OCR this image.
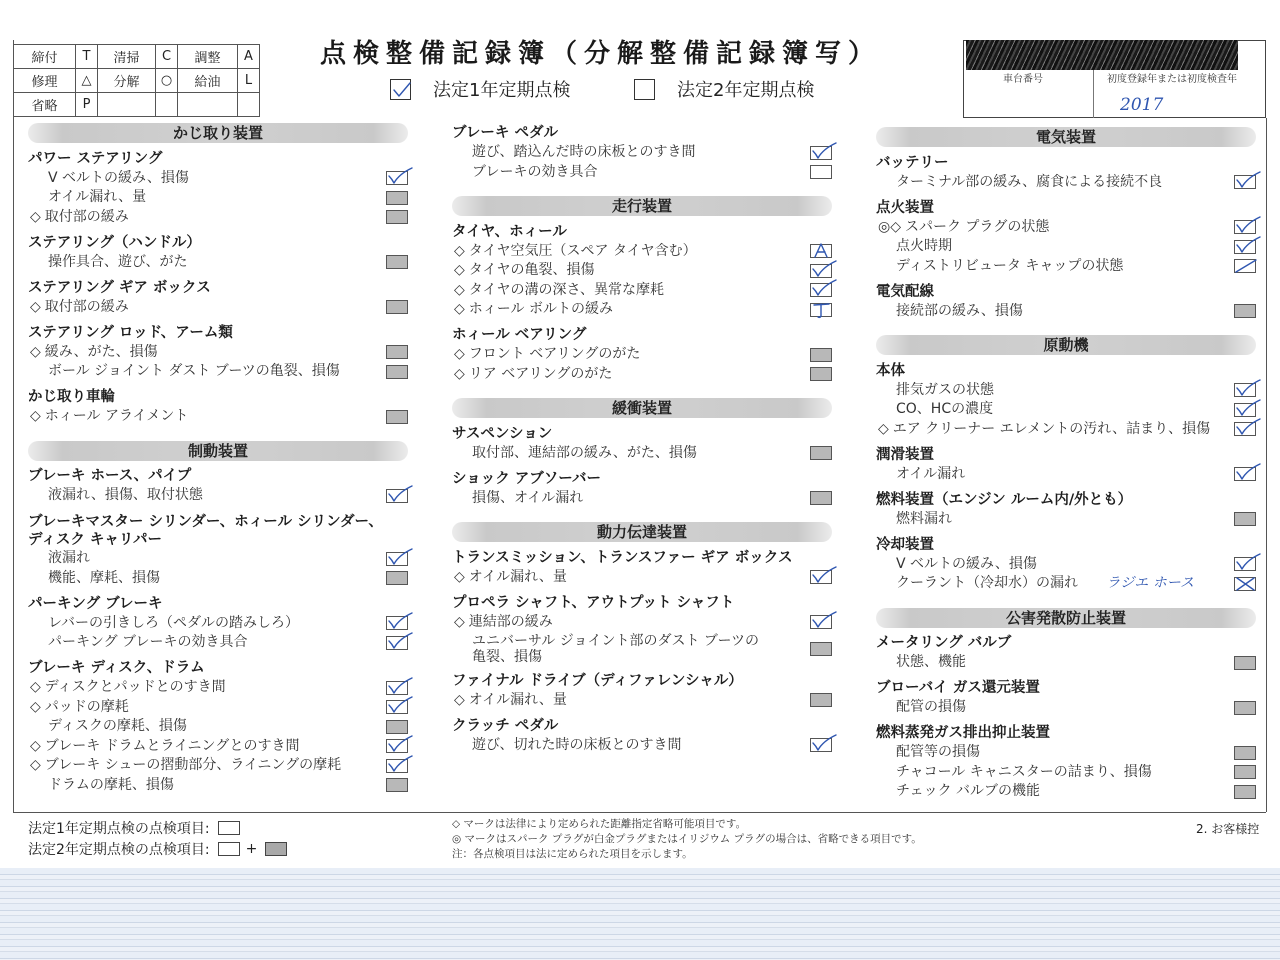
締付	T	清掃	C	調整	A
修理	△	分解	○	給油	L
省略	P				
点検整備記録簿（分解整備記録簿写）
法定1年定期点検	法定2年定期点検
車台番号	初度登録年または初度検査年
2017
かじ取り装置
パワー ステアリング
V ベルトの緩み、損傷
オイル漏れ、量
◇ 取付部の緩み
ステアリング（ハンドル）
操作具合、遊び、がた
ステアリング ギア ボックス
◇ 取付部の緩み
ステアリング ロッド、アーム類
◇ 緩み、がた、損傷
ボール ジョイント ダスト ブーツの亀裂、損傷
かじ取り車輪
◇ ホィール アライメント
制動装置
ブレーキ ホース、パイプ
液漏れ、損傷、取付状態
ブレーキマスター シリンダー、ホィール シリンダー、
ディスク キャリパー
液漏れ
機能、摩耗、損傷
パーキング ブレーキ
レバーの引きしろ（ペダルの踏みしろ）
パーキング ブレーキの効き具合
ブレーキ ディスク、ドラム
◇ ディスクとパッドとのすき間
◇ パッドの摩耗
ディスクの摩耗、損傷
◇ ブレーキ ドラムとライニングとのすき間
◇ ブレーキ シューの摺動部分、ライニングの摩耗
ドラムの摩耗、損傷
ブレーキ ペダル
遊び、踏込んだ時の床板とのすき間
ブレーキの効き具合
走行装置
タイヤ、ホィール
◇ タイヤ空気圧（スペア タイヤ含む）
◇ タイヤの亀裂、損傷
◇ タイヤの溝の深さ、異常な摩耗
◇ ホィール ボルトの緩み
ホィール ベアリング
◇ フロント ベアリングのがた
◇ リア ベアリングのがた
緩衝装置
サスペンション
取付部、連結部の緩み、がた、損傷
ショック アブソーバー
損傷、オイル漏れ
動力伝達装置
トランスミッション、トランスファー ギア ボックス
◇ オイル漏れ、量
プロペラ シャフト、アウトプット シャフト
◇ 連結部の緩み
ユニバーサル ジョイント部のダスト ブーツの
亀裂、損傷
ファイナル ドライブ（ディファレンシャル）
◇ オイル漏れ、量
クラッチ ペダル
遊び、切れた時の床板とのすき間
電気装置
バッテリー
ターミナル部の緩み、腐食による接続不良
点火装置
◎◇ スパーク プラグの状態
点火時期
ディストリビュータ キャップの状態
電気配線
接続部の緩み、損傷
原動機
本体
排気ガスの状態
CO、HCの濃度
◇ エア クリーナー エレメントの汚れ、詰まり、損傷
潤滑装置
オイル漏れ
燃料装置（エンジン ルーム内/外とも）
燃料漏れ
冷却装置
V ベルトの緩み、損傷
クーラント（冷却水）の漏れ ラジエ ホース
公害発散防止装置
メータリング バルブ
状態、機能
ブローバイ ガス還元装置
配管の損傷
燃料蒸発ガス排出抑止装置
配管等の損傷
チャコール キャニスターの詰まり、損傷
チェック バルブの機能
法定1年定期点検の点検項目:
法定2年定期点検の点検項目:	+
◇ マークは法律により定められた距離指定省略可能項目です。
◎ マークはスパーク プラグが白金プラグまたはイリジウム プラグの場合は、省略できる項目です。
注：各点検項目は法に定められた項目を示します。
2. お客様控
